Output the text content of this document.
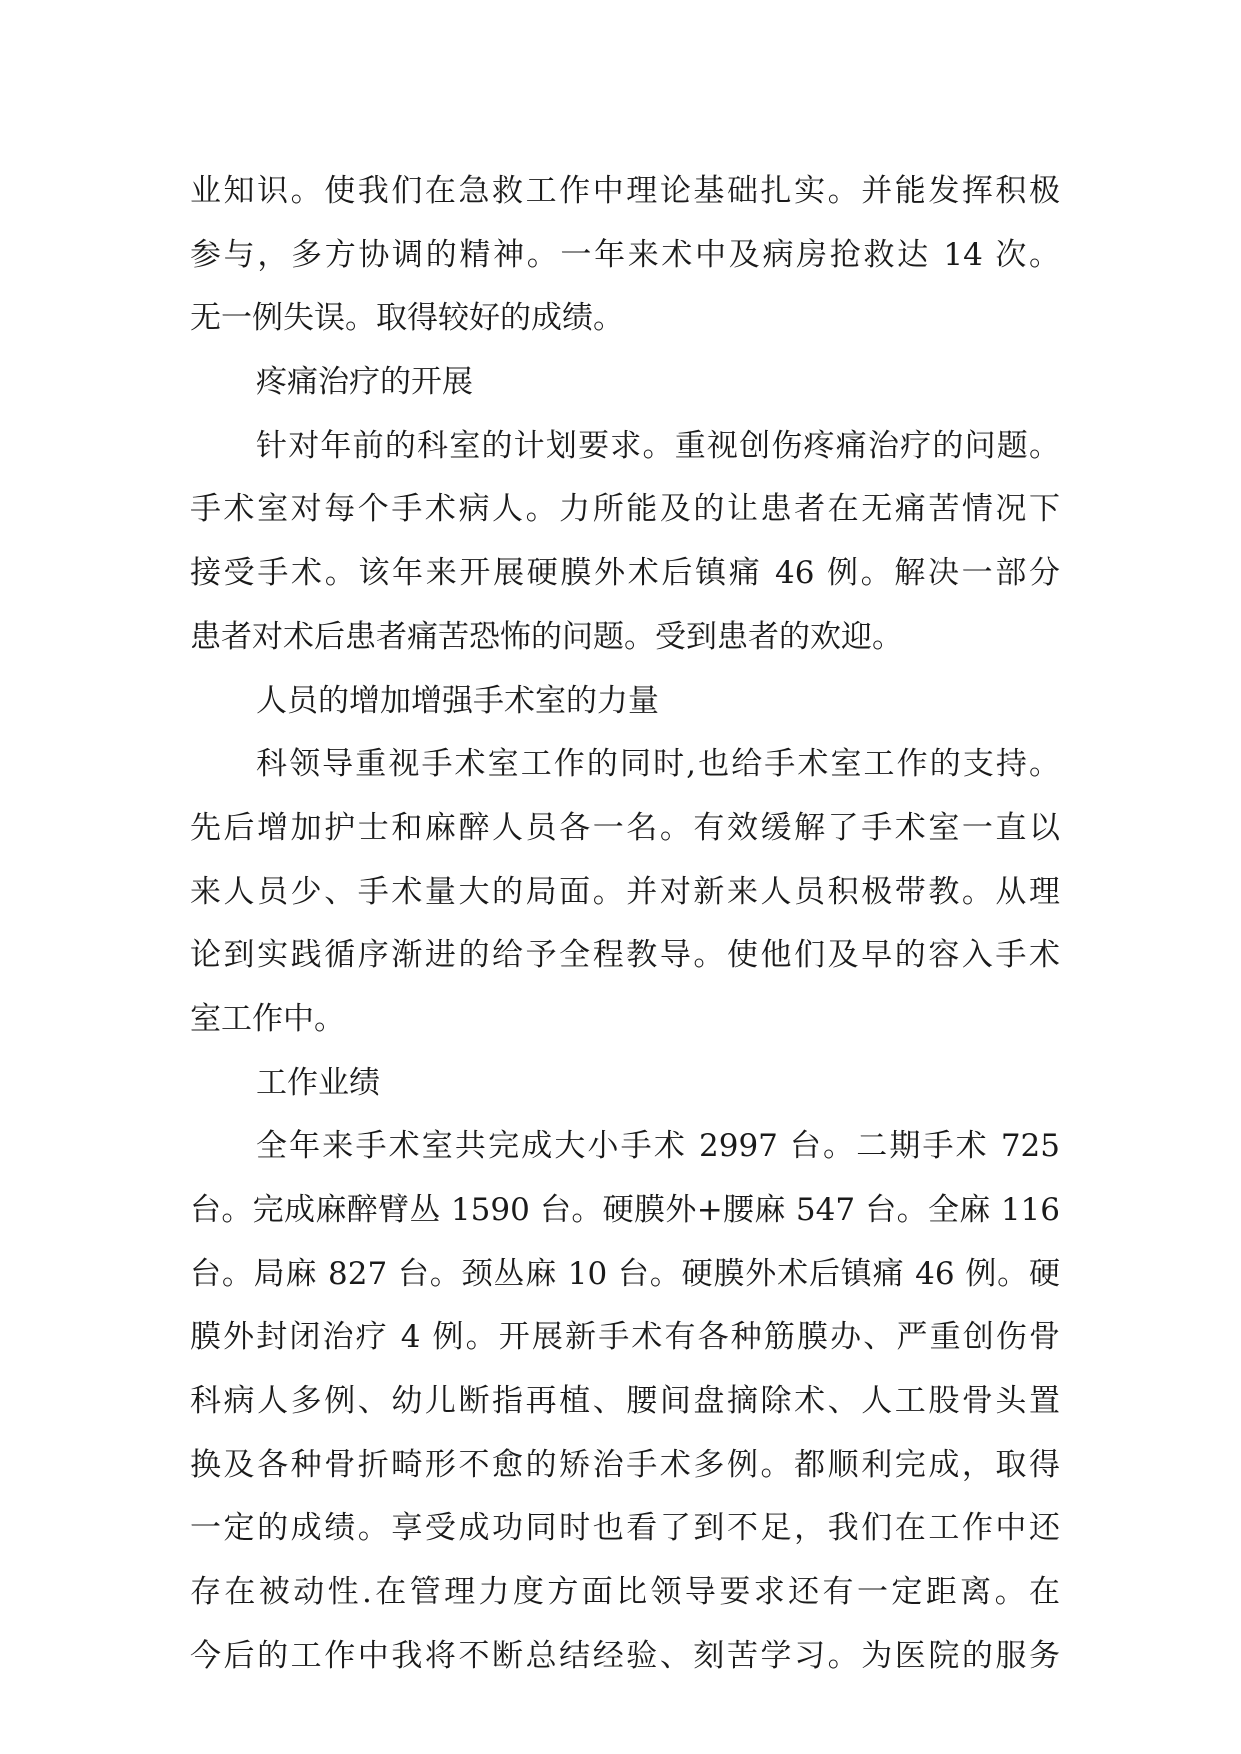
业知识。使我们在急救工作中理论基础扎实。并能发挥积极
参与，多方协调的精神。一年来术中及病房抢救达 14 次。
无一例失误。取得较好的成绩。
疼痛治疗的开展
针对年前的科室的计划要求。重视创伤疼痛治疗的问题。
手术室对每个手术病人。力所能及的让患者在无痛苦情况下
接受手术。该年来开展硬膜外术后镇痛 46 例。解决一部分
患者对术后患者痛苦恐怖的问题。受到患者的欢迎。
人员的增加增强手术室的力量
科领导重视手术室工作的同时,也给手术室工作的支持。
先后增加护士和麻醉人员各一名。有效缓解了手术室一直以
来人员少、手术量大的局面。并对新来人员积极带教。从理
论到实践循序渐进的给予全程教导。使他们及早的容入手术
室工作中。
工作业绩
全年来手术室共完成大小手术 2997 台。二期手术 725
台。完成麻醉臂丛 1590 台。硬膜外+腰麻 547 台。全麻 116
台。局麻 827 台。颈丛麻 10 台。硬膜外术后镇痛 46 例。硬
膜外封闭治疗 4 例。开展新手术有各种筋膜办、严重创伤骨
科病人多例、幼儿断指再植、腰间盘摘除术、人工股骨头置
换及各种骨折畸形不愈的矫治手术多例。都顺利完成，取得
一定的成绩。享受成功同时也看了到不足，我们在工作中还
存在被动性.在管理力度方面比领导要求还有一定距离。在
今后的工作中我将不断总结经验、刻苦学习。为医院的服务
